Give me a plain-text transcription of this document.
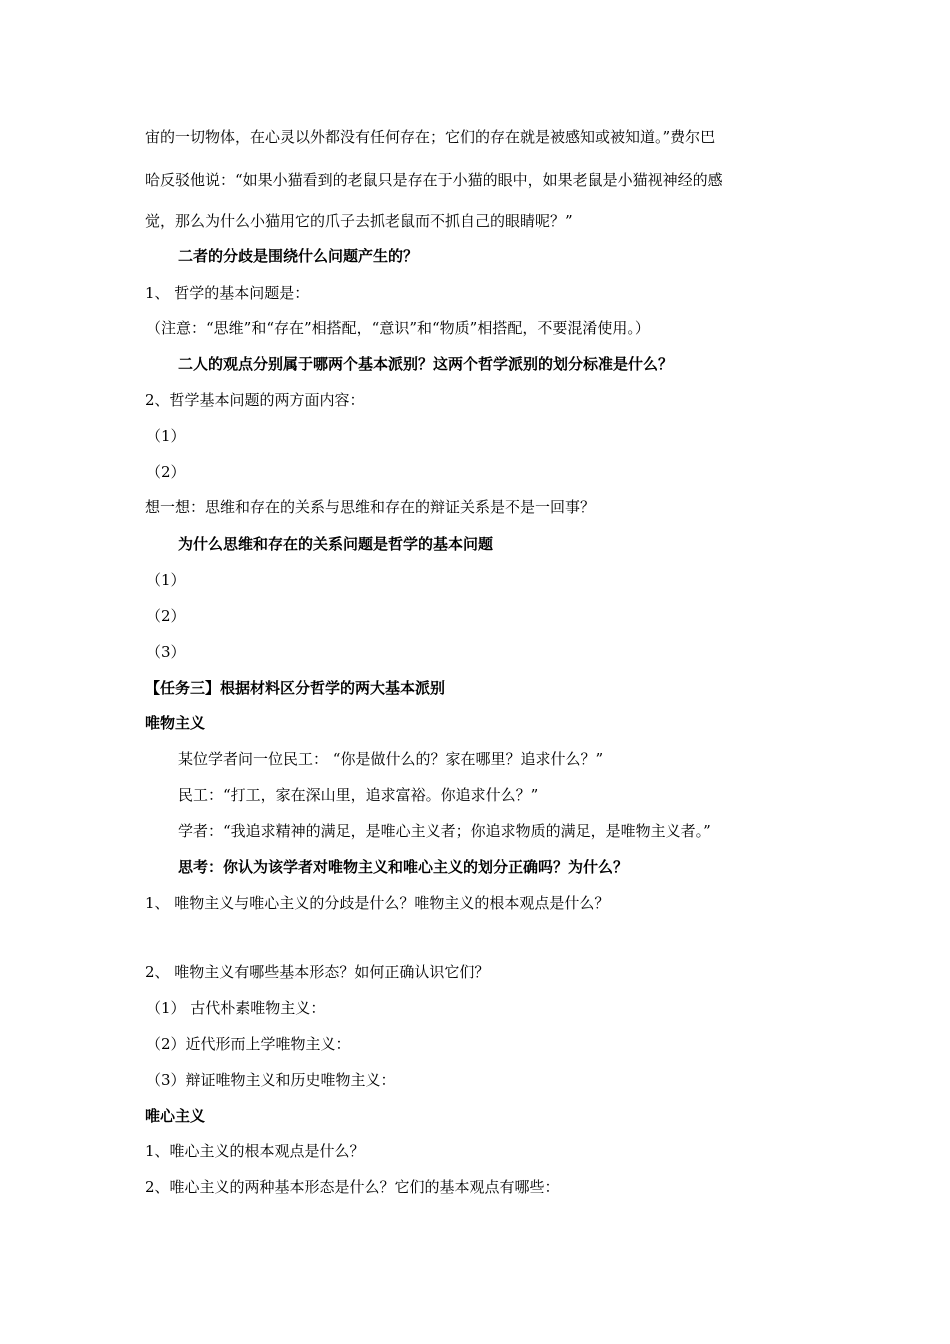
宙的一切物体，在心灵以外都没有任何存在；它们的存在就是被感知或被知道。”费尔巴
哈反驳他说：“如果小猫看到的老鼠只是存在于小猫的眼中，如果老鼠是小猫视神经的感
觉，那么为什么小猫用它的爪子去抓老鼠而不抓自己的眼睛呢？”
二者的分歧是围绕什么问题产生的？
1、 哲学的基本问题是：
（注意：“思维”和“存在”相搭配，“意识”和“物质”相搭配，不要混淆使用。）
二人的观点分别属于哪两个基本派别？这两个哲学派别的划分标准是什么？
2、哲学基本问题的两方面内容：
（1）
（2）
想一想：思维和存在的关系与思维和存在的辩证关系是不是一回事？
为什么思维和存在的关系问题是哲学的基本问题
（1）
（2）
（3）
【任务三】根据材料区分哲学的两大基本派别
唯物主义
某位学者问一位民工： “你是做什么的？家在哪里？追求什么？”
民工：“打工，家在深山里，追求富裕。你追求什么？”
学者：“我追求精神的满足，是唯心主义者；你追求物质的满足，是唯物主义者。”
思考：你认为该学者对唯物主义和唯心主义的划分正确吗？为什么？
1、 唯物主义与唯心主义的分歧是什么？唯物主义的根本观点是什么？
2、 唯物主义有哪些基本形态？如何正确认识它们？
（1） 古代朴素唯物主义：
（2）近代形而上学唯物主义：
（3）辩证唯物主义和历史唯物主义：
唯心主义
1、唯心主义的根本观点是什么？
2、唯心主义的两种基本形态是什么？它们的基本观点有哪些：
